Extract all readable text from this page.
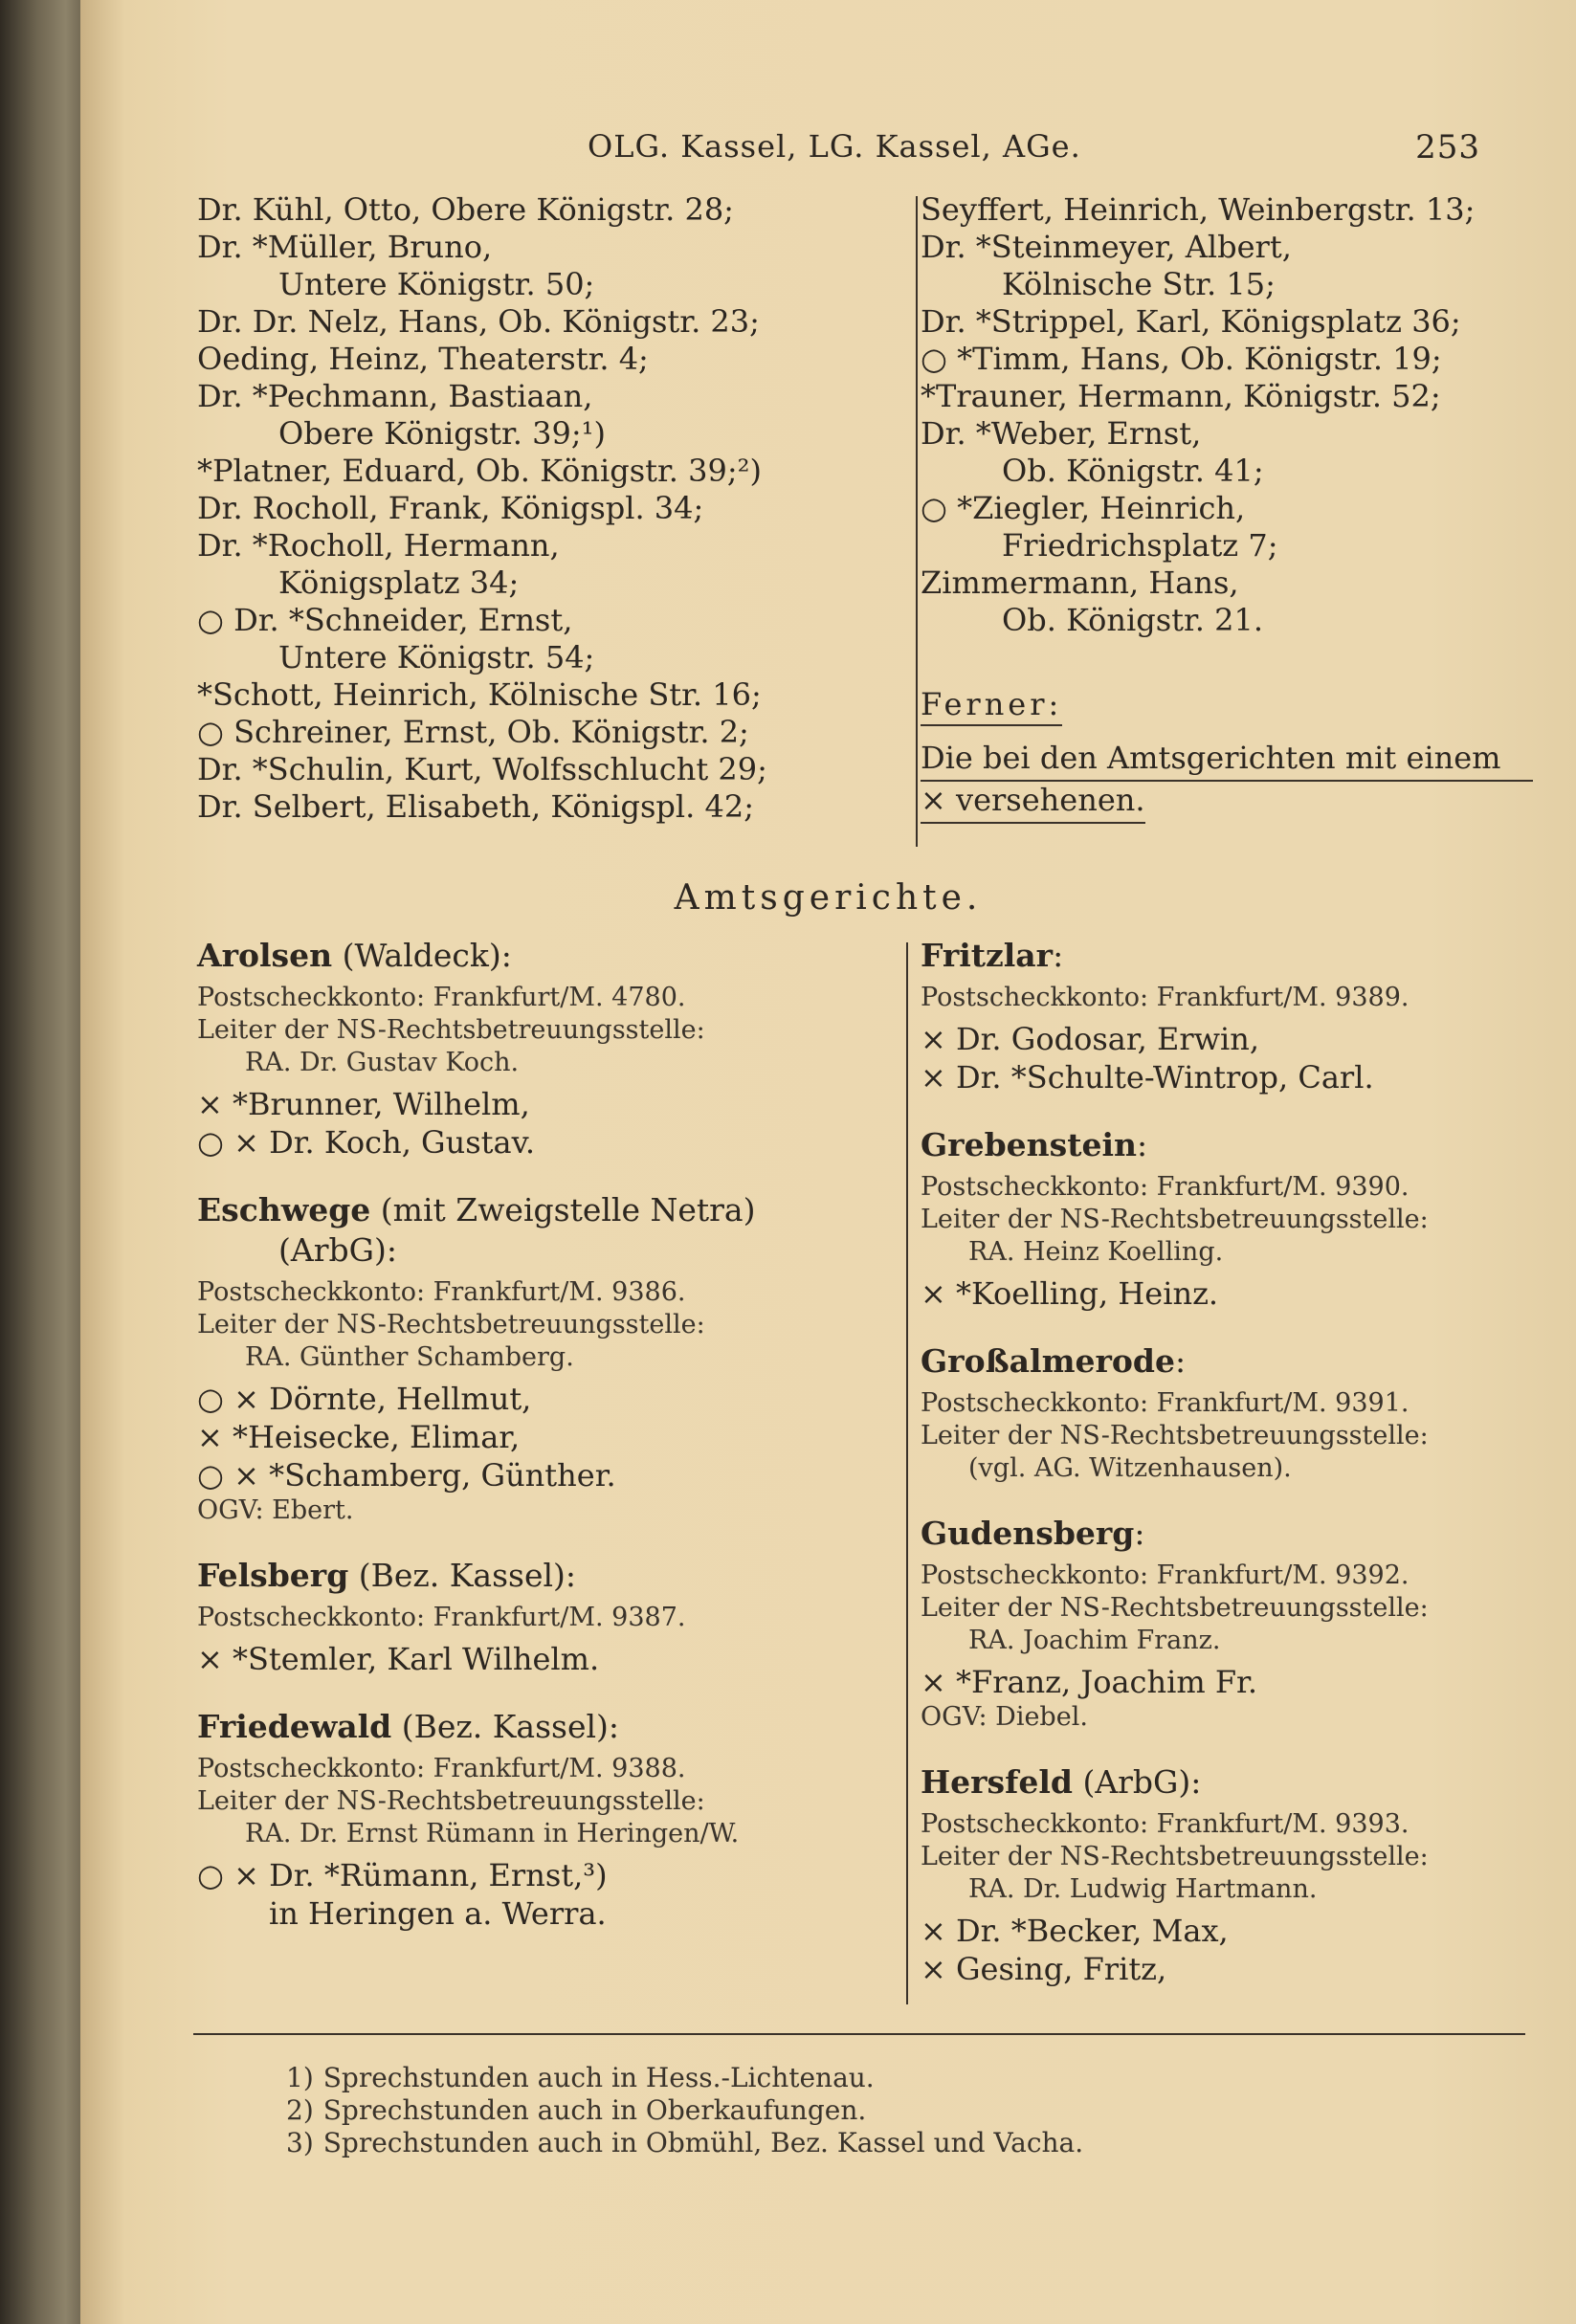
OLG. Kassel, LG. Kassel, AGe.	253
Dr. Kühl, Otto, Obere Königstr. 28;
Dr. *Müller, Bruno,
Untere Königstr. 50;
Dr. Dr. Nelz, Hans, Ob. Königstr. 23;
Oeding, Heinz, Theaterstr. 4;
Dr. *Pechmann, Bastiaan,
Obere Königstr. 39;¹)
*Platner, Eduard, Ob. Königstr. 39;²)
Dr. Rocholl, Frank, Königspl. 34;
Dr. *Rocholl, Hermann,
Königsplatz 34;
○ Dr. *Schneider, Ernst,
Untere Königstr. 54;
*Schott, Heinrich, Kölnische Str. 16;
○ Schreiner, Ernst, Ob. Königstr. 2;
Dr. *Schulin, Kurt, Wolfsschlucht 29;
Dr. Selbert, Elisabeth, Königspl. 42;
Seyffert, Heinrich, Weinbergstr. 13;
Dr. *Steinmeyer, Albert,
Kölnische Str. 15;
Dr. *Strippel, Karl, Königsplatz 36;
○ *Timm, Hans, Ob. Königstr. 19;
*Trauner, Hermann, Königstr. 52;
Dr. *Weber, Ernst,
Ob. Königstr. 41;
○ *Ziegler, Heinrich,
Friedrichsplatz 7;
Zimmermann, Hans,
Ob. Königstr. 21.
Ferner:
Die bei den Amtsgerichten mit einem
× versehenen.
Amtsgerichte.
Arolsen (Waldeck):
Postscheckkonto: Frankfurt/M. 4780.
Leiter der NS-Rechtsbetreuungsstelle:
RA. Dr. Gustav Koch.
× *Brunner, Wilhelm,
○ × Dr. Koch, Gustav.
Eschwege (mit Zweigstelle Netra)
(ArbG):
Postscheckkonto: Frankfurt/M. 9386.
Leiter der NS-Rechtsbetreuungsstelle:
RA. Günther Schamberg.
○ × Dörnte, Hellmut,
× *Heisecke, Elimar,
○ × *Schamberg, Günther.
OGV: Ebert.
Felsberg (Bez. Kassel):
Postscheckkonto: Frankfurt/M. 9387.
× *Stemler, Karl Wilhelm.
Friedewald (Bez. Kassel):
Postscheckkonto: Frankfurt/M. 9388.
Leiter der NS-Rechtsbetreuungsstelle:
RA. Dr. Ernst Rümann in Heringen/W.
○ × Dr. *Rümann, Ernst,³)
in Heringen a. Werra.
Fritzlar:
Postscheckkonto: Frankfurt/M. 9389.
× Dr. Godosar, Erwin,
× Dr. *Schulte-Wintrop, Carl.
Grebenstein:
Postscheckkonto: Frankfurt/M. 9390.
Leiter der NS-Rechtsbetreuungsstelle:
RA. Heinz Koelling.
× *Koelling, Heinz.
Großalmerode:
Postscheckkonto: Frankfurt/M. 9391.
Leiter der NS-Rechtsbetreuungsstelle:
(vgl. AG. Witzenhausen).
Gudensberg:
Postscheckkonto: Frankfurt/M. 9392.
Leiter der NS-Rechtsbetreuungsstelle:
RA. Joachim Franz.
× *Franz, Joachim Fr.
OGV: Diebel.
Hersfeld (ArbG):
Postscheckkonto: Frankfurt/M. 9393.
Leiter der NS-Rechtsbetreuungsstelle:
RA. Dr. Ludwig Hartmann.
× Dr. *Becker, Max,
× Gesing, Fritz,
1) Sprechstunden auch in Hess.-Lichtenau.
2) Sprechstunden auch in Oberkaufungen.
3) Sprechstunden auch in Obmühl, Bez. Kassel und Vacha.
